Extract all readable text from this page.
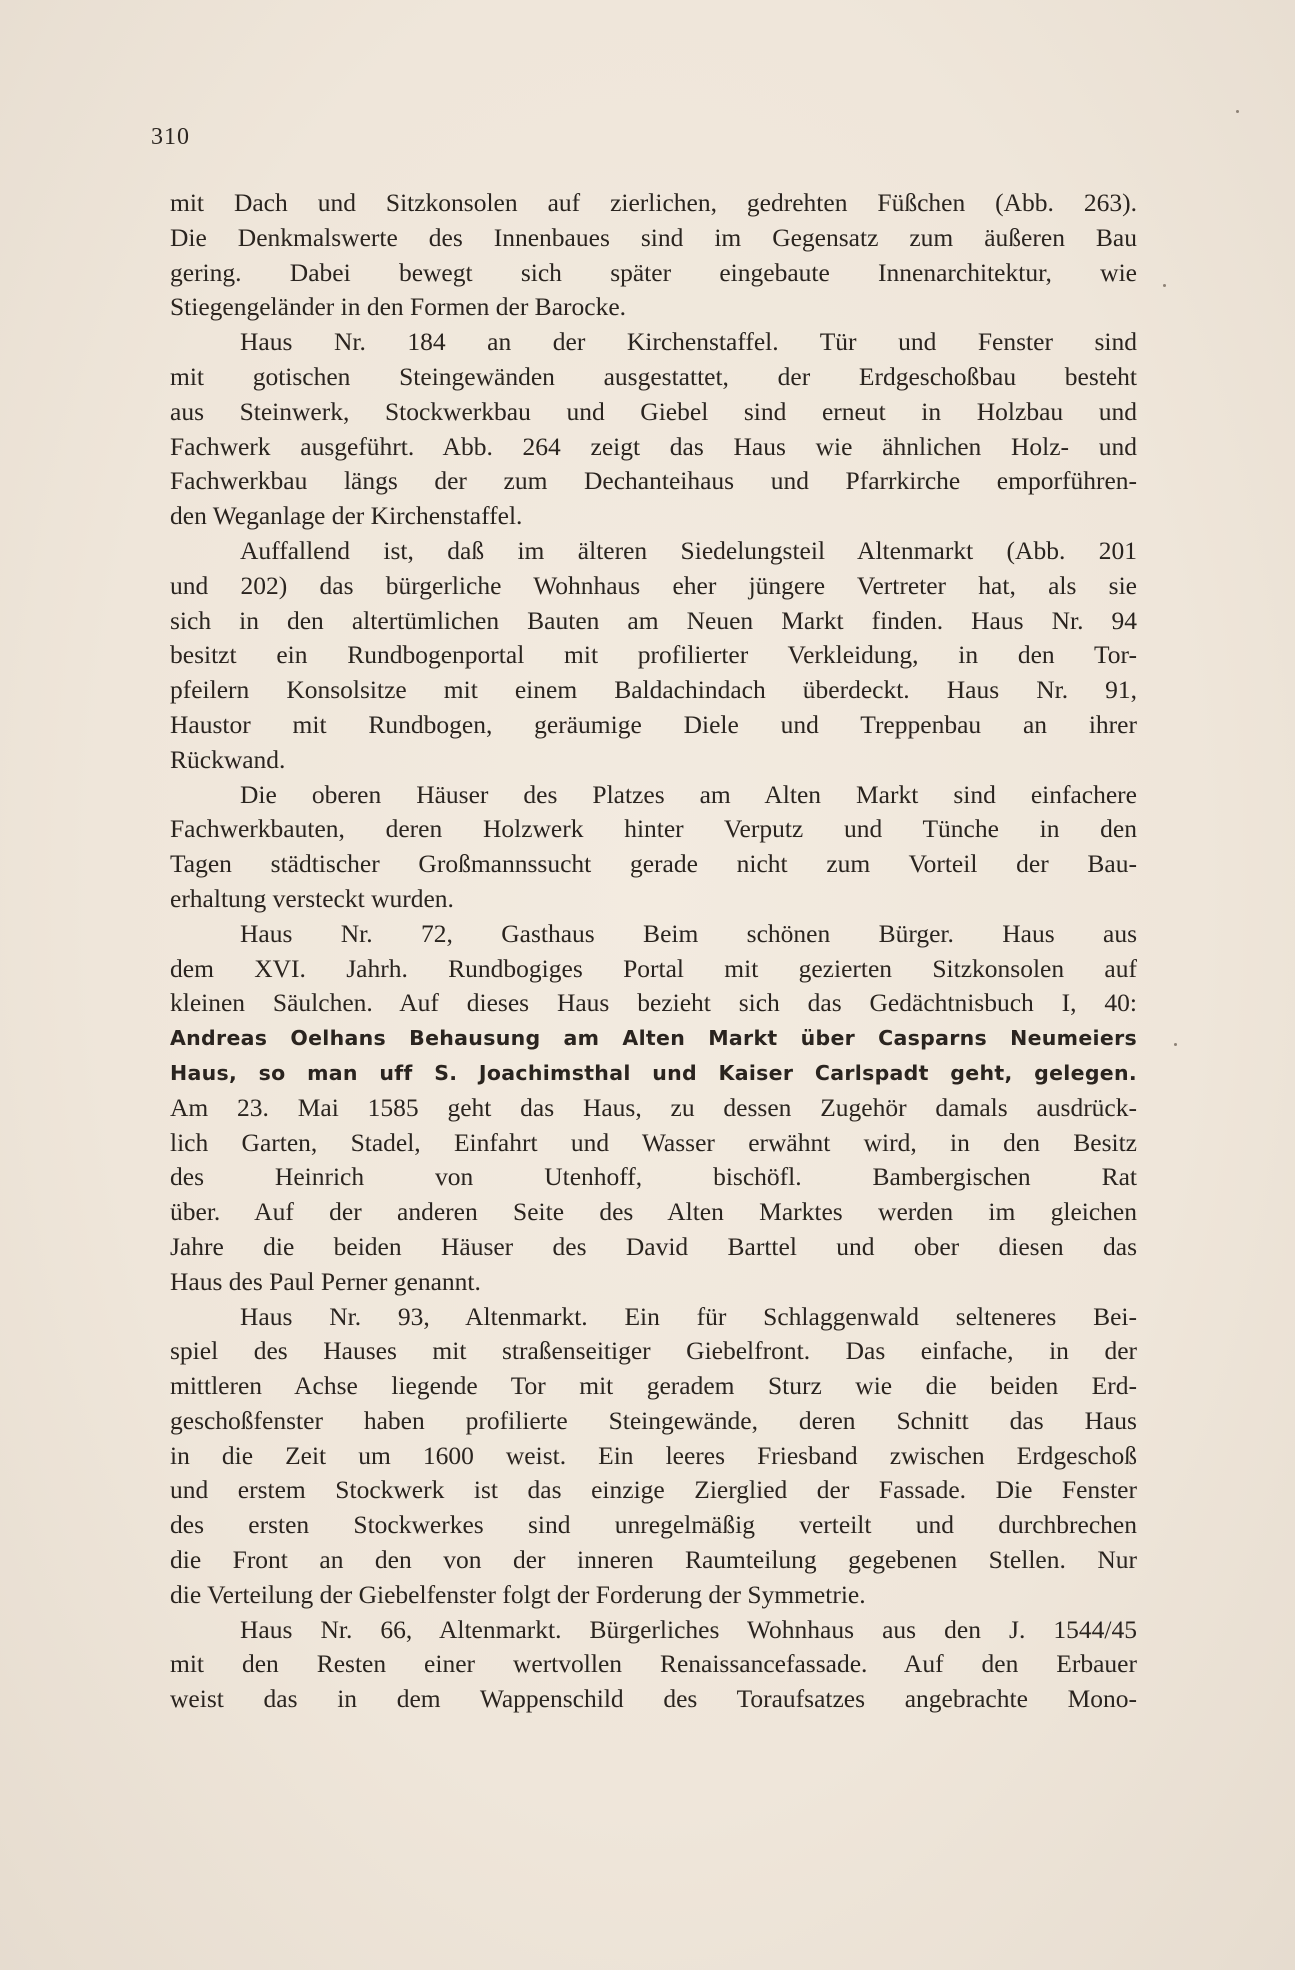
310
mit Dach und Sitzkonsolen auf zierlichen, gedrehten Füßchen (Abb. 263).
Die Denkmalswerte des Innenbaues sind im Gegensatz zum äußeren Bau
gering. Dabei bewegt sich später eingebaute Innenarchitektur, wie
Stiegengeländer in den Formen der Barocke.
Haus Nr. 184 an der Kirchenstaffel. Tür und Fenster sind
mit gotischen Steingewänden ausgestattet, der Erdgeschoßbau besteht
aus Steinwerk, Stockwerkbau und Giebel sind erneut in Holzbau und
Fachwerk ausgeführt. Abb. 264 zeigt das Haus wie ähnlichen Holz- und
Fachwerkbau längs der zum Dechanteihaus und Pfarrkirche emporführen-
den Weganlage der Kirchenstaffel.
Auffallend ist, daß im älteren Siedelungsteil Altenmarkt (Abb. 201
und 202) das bürgerliche Wohnhaus eher jüngere Vertreter hat, als sie
sich in den altertümlichen Bauten am Neuen Markt finden. Haus Nr. 94
besitzt ein Rundbogenportal mit profilierter Verkleidung, in den Tor-
pfeilern Konsolsitze mit einem Baldachindach überdeckt. Haus Nr. 91,
Haustor mit Rundbogen, geräumige Diele und Treppenbau an ihrer
Rückwand.
Die oberen Häuser des Platzes am Alten Markt sind einfachere
Fachwerkbauten, deren Holzwerk hinter Verputz und Tünche in den
Tagen städtischer Großmannssucht gerade nicht zum Vorteil der Bau-
erhaltung versteckt wurden.
Haus Nr. 72, Gasthaus Beim schönen Bürger. Haus aus
dem XVI. Jahrh. Rundbogiges Portal mit gezierten Sitzkonsolen auf
kleinen Säulchen. Auf dieses Haus bezieht sich das Gedächtnisbuch I, 40:
Andreas Oelhans Behausung am Alten Markt über Casparns Neumeiers
Haus, so man uff S. Joachimsthal und Kaiser Carlspadt geht, gelegen.
Am 23. Mai 1585 geht das Haus, zu dessen Zugehör damals ausdrück-
lich Garten, Stadel, Einfahrt und Wasser erwähnt wird, in den Besitz
des Heinrich von Utenhoff, bischöfl. Bambergischen Rat
über. Auf der anderen Seite des Alten Marktes werden im gleichen
Jahre die beiden Häuser des David Barttel und ober diesen das
Haus des Paul Perner genannt.
Haus Nr. 93, Altenmarkt. Ein für Schlaggenwald selteneres Bei-
spiel des Hauses mit straßenseitiger Giebelfront. Das einfache, in der
mittleren Achse liegende Tor mit geradem Sturz wie die beiden Erd-
geschoßfenster haben profilierte Steingewände, deren Schnitt das Haus
in die Zeit um 1600 weist. Ein leeres Friesband zwischen Erdgeschoß
und erstem Stockwerk ist das einzige Zierglied der Fassade. Die Fenster
des ersten Stockwerkes sind unregelmäßig verteilt und durchbrechen
die Front an den von der inneren Raumteilung gegebenen Stellen. Nur
die Verteilung der Giebelfenster folgt der Forderung der Symmetrie.
Haus Nr. 66, Altenmarkt. Bürgerliches Wohnhaus aus den J. 1544/45
mit den Resten einer wertvollen Renaissancefassade. Auf den Erbauer
weist das in dem Wappenschild des Toraufsatzes angebrachte Mono-
